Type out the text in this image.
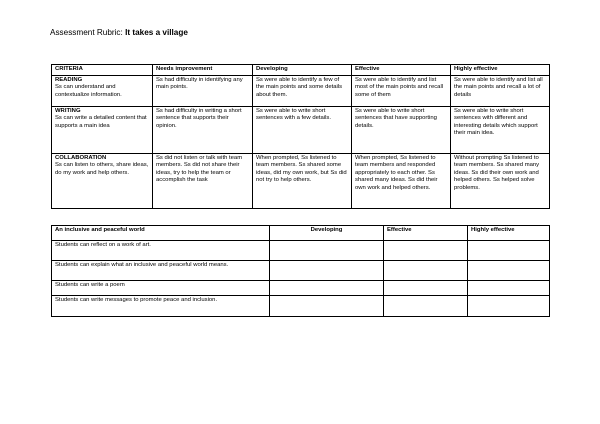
Assessment Rubric: It takes a village
CRITERIA	Needs improvement	Developing	Effective	Highly effective

READING
Ss can understand and contextualize information.	Ss had difficulty in identifying any main points.	Ss were able to identify a few of the main points and some details about them.	Ss were able to identify and list most of the main points and recall some of them	Ss were able to identify and list all the main points and recall a lot of details

WRITING
Ss can write a detailed content that supports a main idea	Ss had difficulty in writing a short sentence that supports their opinion.	Ss were able to write short sentences with a few details.	Ss were able to write short sentences that have supporting details.	Ss were able to write short sentences with different and interesting details which support their main idea.

COLLABORATION
Ss can listen to others, share ideas, do my work and help others.	Ss did not listen or talk with team members. Ss did not share their ideas, try to help the team or accomplish the task	When prompted, Ss listened to team members. Ss shared some ideas, did my own work, but Ss did not try to help others.	When prompted, Ss listened to team members and responded appropriately to each other. Ss shared many ideas. Ss did their own work and helped others.	Without prompting Ss listened to team members. Ss shared many ideas. Ss did their own work and helped others. Ss helped solve problems.
An inclusive and peaceful world	Developing	Effective	Highly effective
Students can reflect on a work of art.			
Students can explain what an inclusive and peaceful world means.			
Students can write a poem			
Students can write messages to promote peace and inclusion.			
